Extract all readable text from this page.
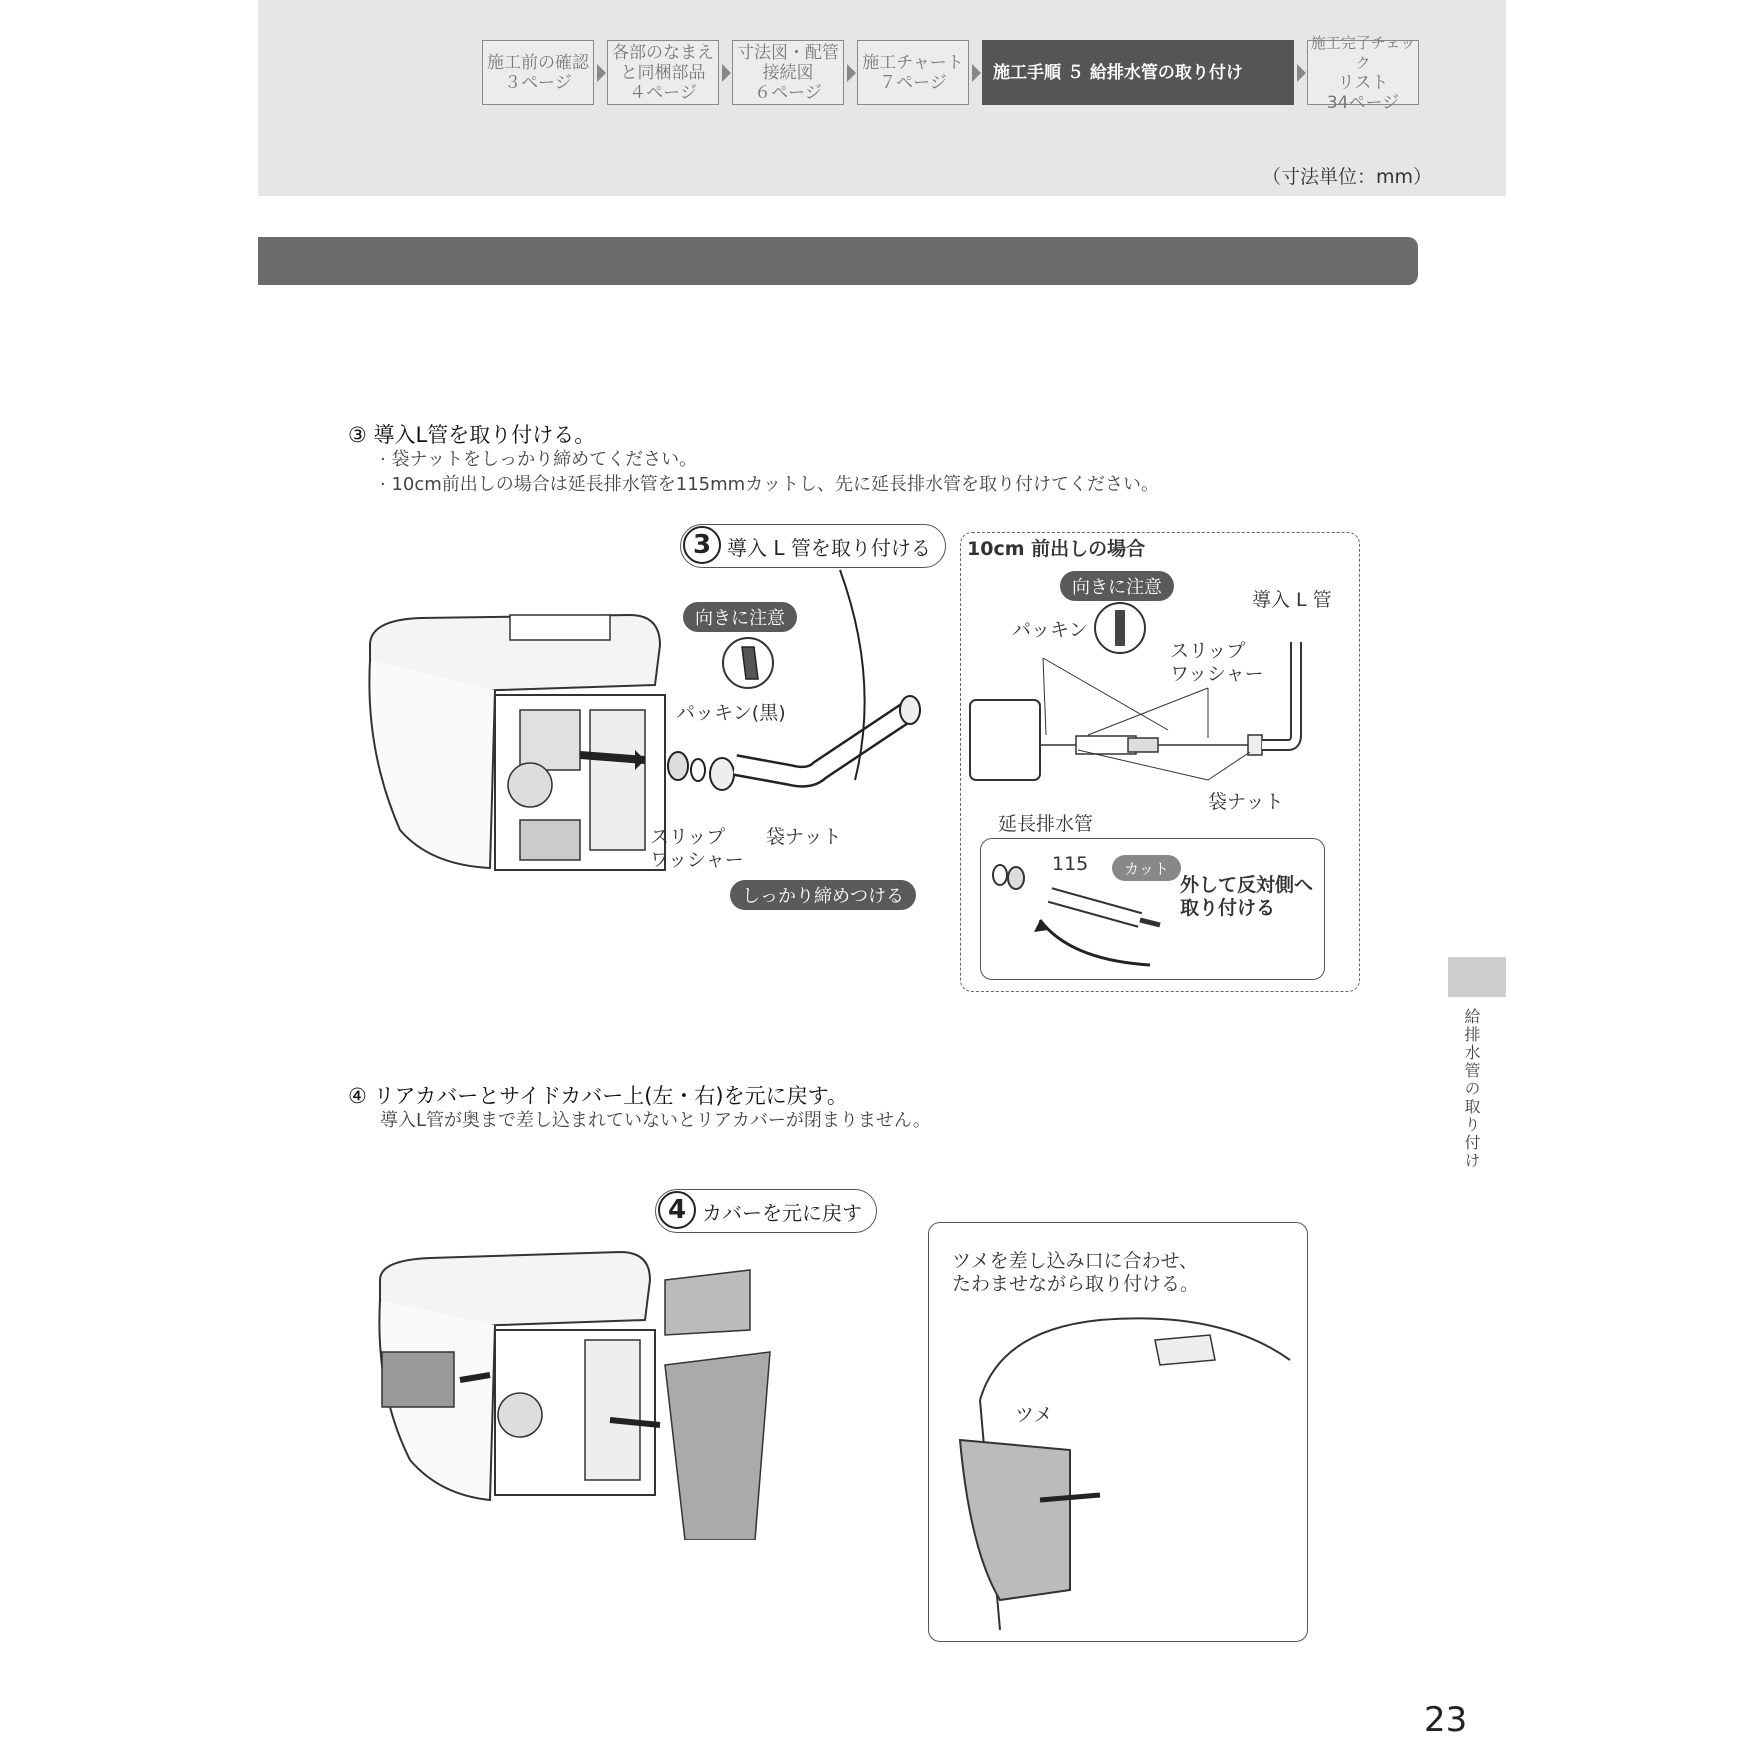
施工前の確認
３ページ
各部のなまえ
と同梱部品
４ページ
寸法図・配管
接続図
６ページ
施工チャート
７ページ	施工手順 ５ 給排水管の取り付け
施工完了チェック
リスト
34ページ
（寸法単位：mm）
③ 導入L管を取り付ける。
· 袋ナットをしっかり締めてください。
· 10cm前出しの場合は延長排水管を115mmカットし、先に延長排水管を取り付けてください。
3 導入 L 管を取り付ける
向きに注意
パッキン(黒)
スリップ
ワッシャー
袋ナット
しっかり締めつける
10cm 前出しの場合
向きに注意
導入 L 管
パッキン
スリップ
ワッシャー
袋ナット
延長排水管
115	カット
外して反対側へ
取り付ける
④ リアカバーとサイドカバー上(左・右)を元に戻す。
導入L管が奥まで差し込まれていないとリアカバーが閉まりません。
4 カバーを元に戻す
ツメを差し込み口に合わせ、
たわませながら取り付ける。
ツメ
給排水管の取り付け
23
